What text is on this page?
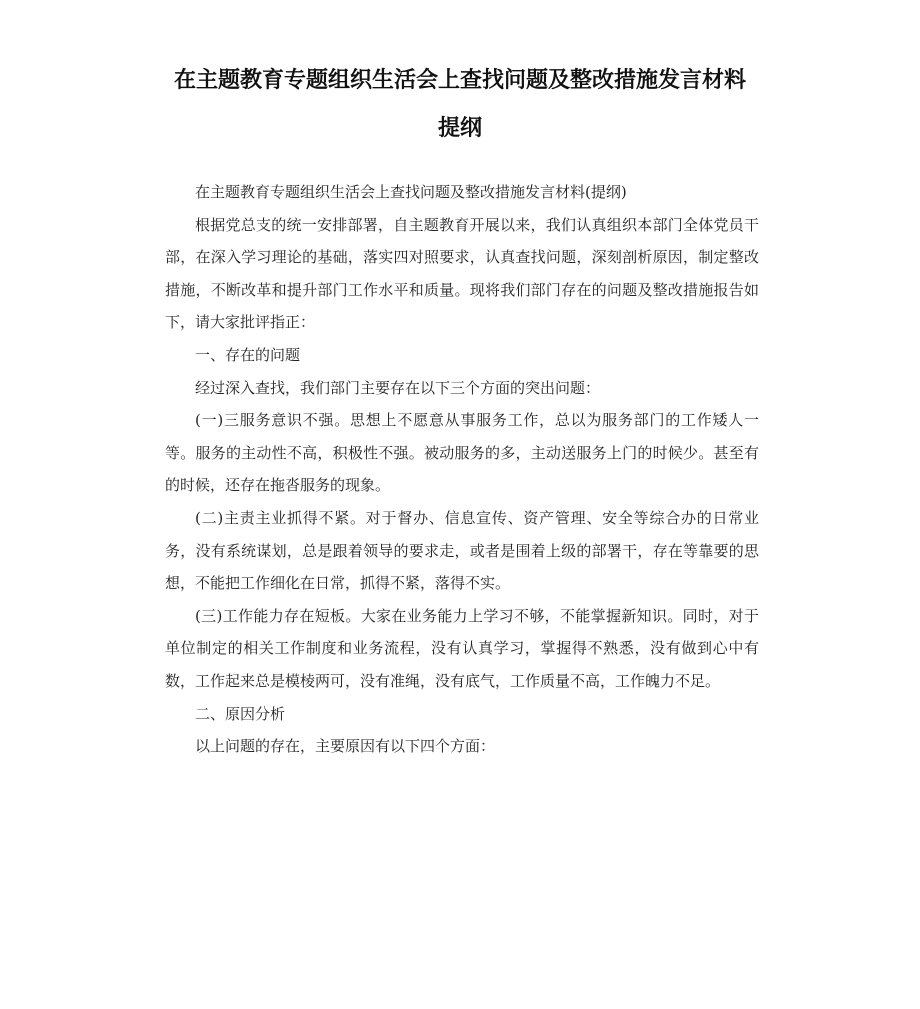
在主题教育专题组织生活会上查找问题及整改措施发言材料
提纲

在主题教育专题组织生活会上查找问题及整改措施发言材料(提纲)

根据党总支的统一安排部署，自主题教育开展以来，我们认真组织本部门全体党员干部，在深入学习理论的基础，落实四对照要求，认真查找问题，深刻剖析原因，制定整改措施，不断改革和提升部门工作水平和质量。现将我们部门存在的问题及整改措施报告如下，请大家批评指正：

一、存在的问题

经过深入查找，我们部门主要存在以下三个方面的突出问题：

(一)三服务意识不强。思想上不愿意从事服务工作，总以为服务部门的工作矮人一等。服务的主动性不高，积极性不强。被动服务的多，主动送服务上门的时候少。甚至有的时候，还存在拖沓服务的现象。

(二)主责主业抓得不紧。对于督办、信息宣传、资产管理、安全等综合办的日常业务，没有系统谋划，总是跟着领导的要求走，或者是围着上级的部署干，存在等靠要的思想，不能把工作细化在日常，抓得不紧，落得不实。

(三)工作能力存在短板。大家在业务能力上学习不够，不能掌握新知识。同时，对于单位制定的相关工作制度和业务流程，没有认真学习，掌握得不熟悉，没有做到心中有数，工作起来总是模棱两可，没有准绳，没有底气，工作质量不高，工作魄力不足。

二、原因分析

以上问题的存在，主要原因有以下四个方面：
